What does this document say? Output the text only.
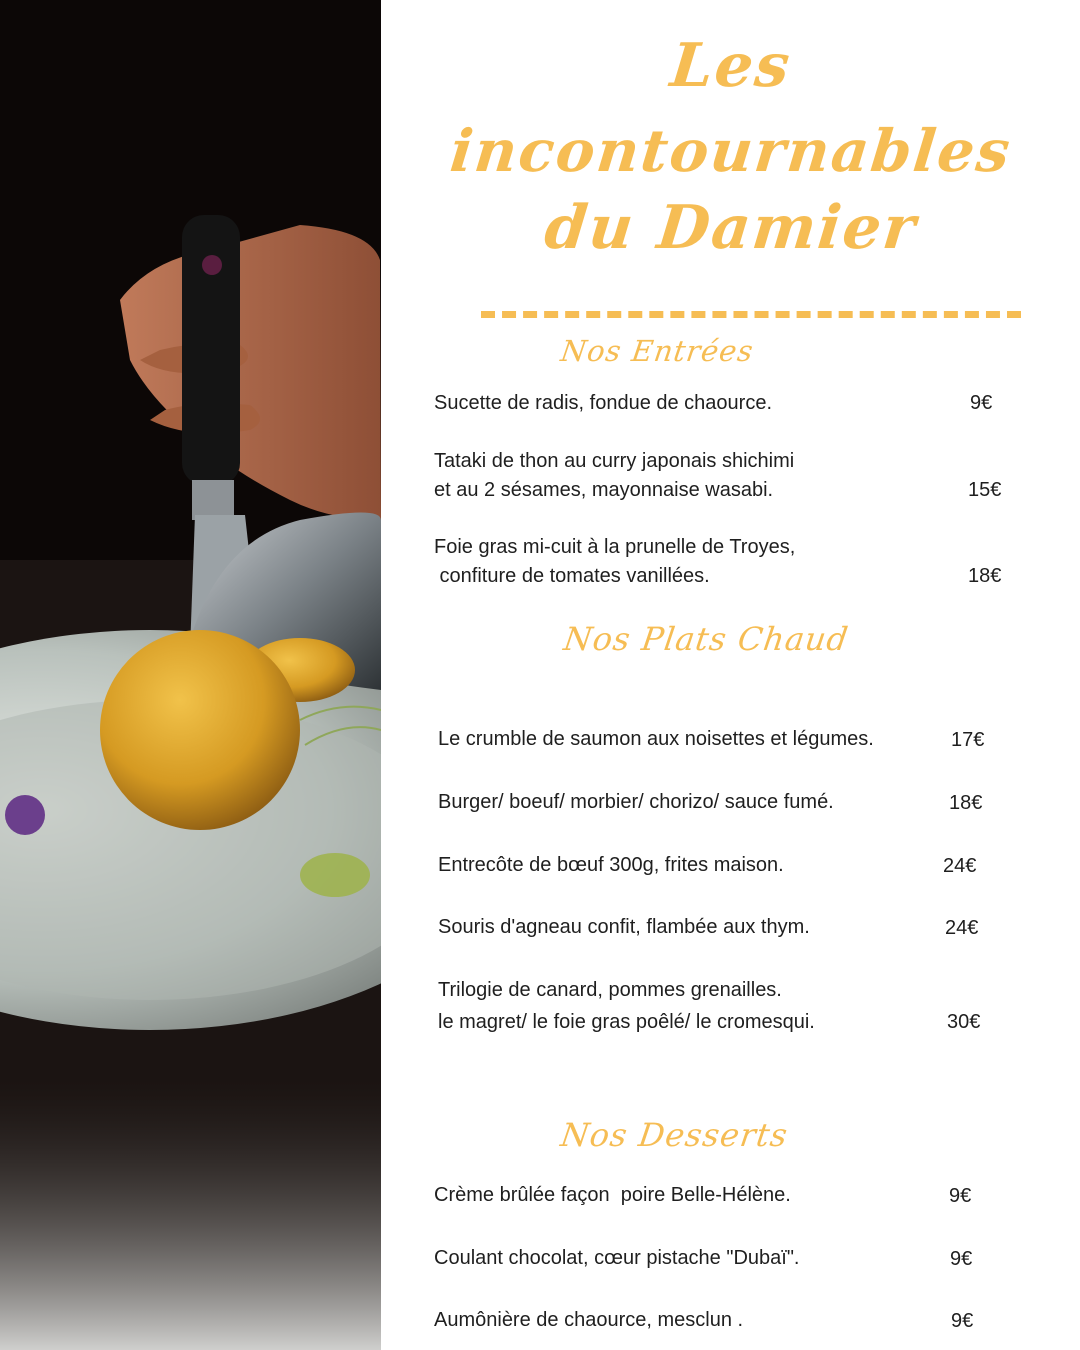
Les
incontournables
du Damier
Nos Entrées
Sucette de radis, fondue de chaource.	9€
Tataki de thon au curry japonais shichimi
et au 2 sésames, mayonnaise wasabi.	15€
Foie gras mi-cuit à la prunelle de Troyes,
confiture de tomates vanillées.	18€
Nos Plats Chaud
Le crumble de saumon aux noisettes et légumes.	17€
Burger/ boeuf/ morbier/ chorizo/ sauce fumé.	18€
Entrecôte de bœuf 300g, frites maison.	24€
Souris d'agneau confit, flambée aux thym.	24€
Trilogie de canard, pommes grenailles.
le magret/ le foie gras poêlé/ le cromesqui.	30€
Nos Desserts
Crème brûlée façon  poire Belle-Hélène.	9€
Coulant chocolat, cœur pistache "Dubaï".	9€
Aumônière de chaource, mesclun .	9€
